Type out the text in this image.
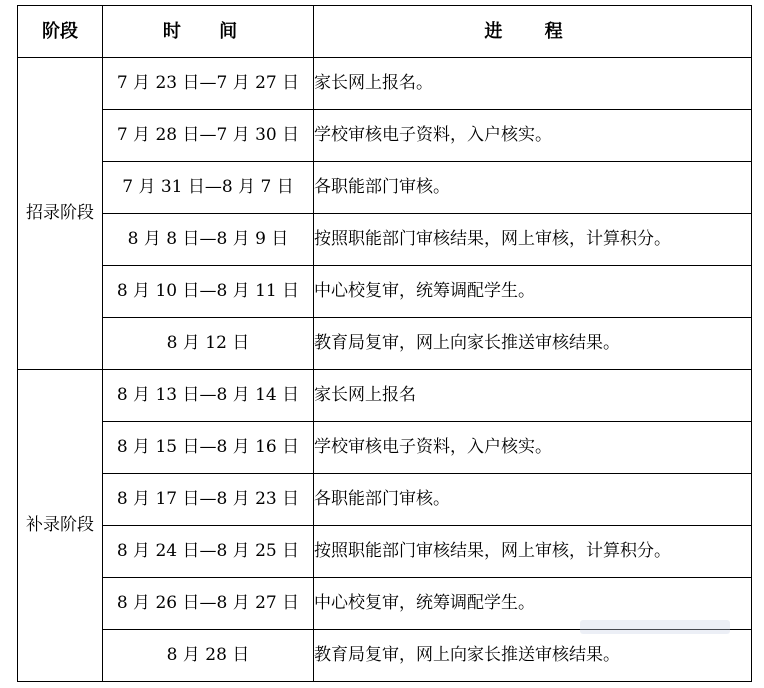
阶段	时 间	进 程
招录阶段	7 月 23 日—7 月 27 日	家长网上报名。
	7 月 28 日—7 月 30 日	学校审核电子资料，入户核实。
	7 月 31 日—8 月 7 日	各职能部门审核。
	8 月 8 日—8 月 9 日	按照职能部门审核结果，网上审核，计算积分。
	8 月 10 日—8 月 11 日	中心校复审，统筹调配学生。
	8 月 12 日	教育局复审，网上向家长推送审核结果。
补录阶段	8 月 13 日—8 月 14 日	家长网上报名
	8 月 15 日—8 月 16 日	学校审核电子资料，入户核实。
	8 月 17 日—8 月 23 日	各职能部门审核。
	8 月 24 日—8 月 25 日	按照职能部门审核结果，网上审核，计算积分。
	8 月 26 日—8 月 27 日	中心校复审，统筹调配学生。
	8 月 28 日	教育局复审，网上向家长推送审核结果。
